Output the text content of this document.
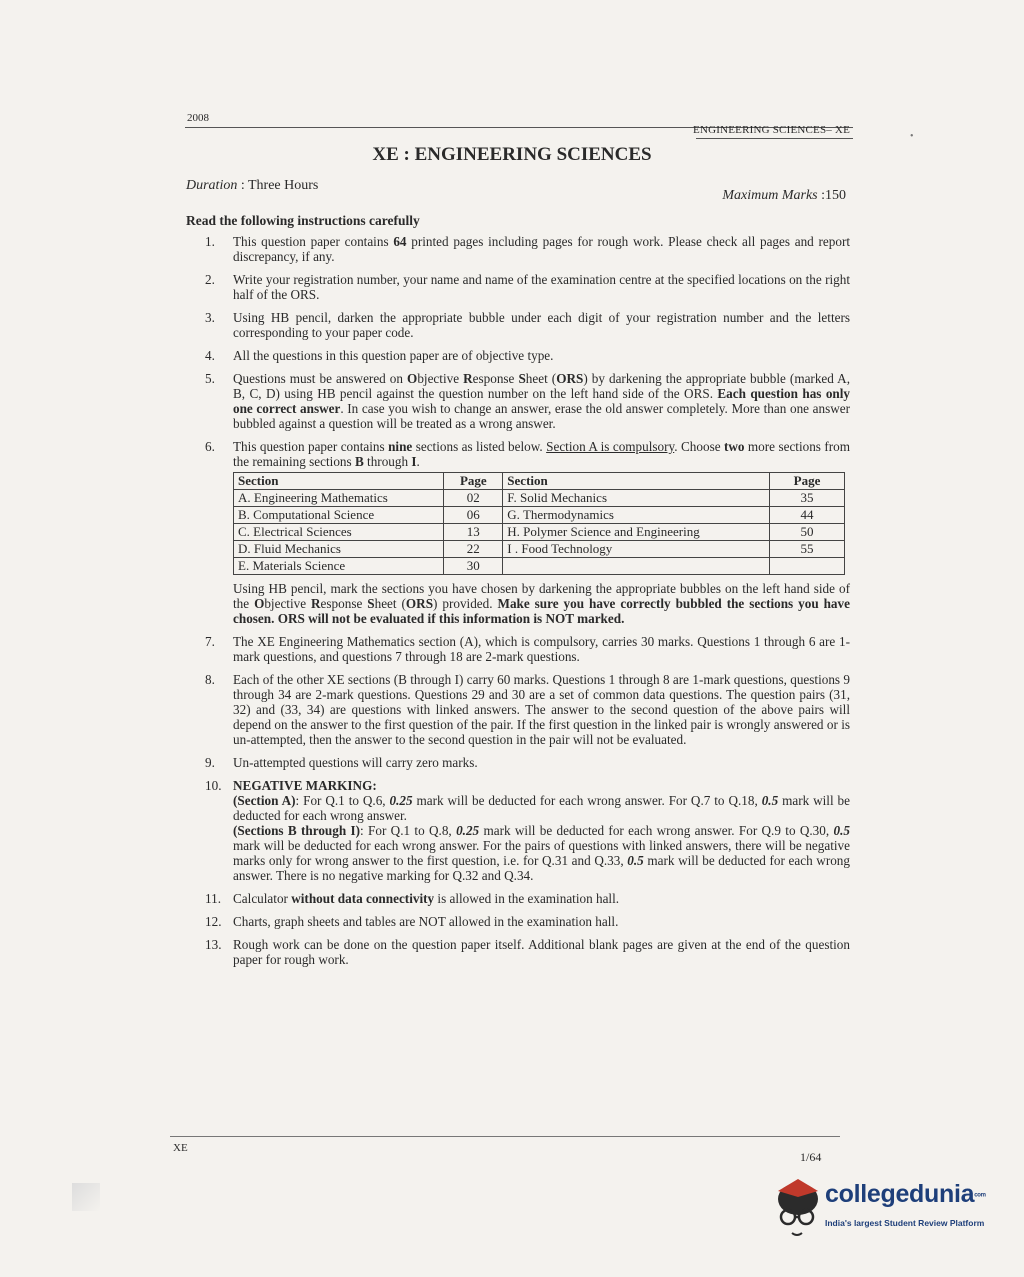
2008
ENGINEERING SCIENCES– XE
•
XE : ENGINEERING SCIENCES
Duration : Three Hours
Maximum Marks :150
Read the following instructions carefully
1.	This question paper contains 64 printed pages including pages for rough work. Please check all pages and report discrepancy, if any.
2.	Write your registration number, your name and name of the examination centre at the specified locations on the right half of the ORS.
3.	Using HB pencil, darken the appropriate bubble under each digit of your registration number and the letters corresponding to your paper code.
4.	All the questions in this question paper are of objective type.
5.	Questions must be answered on Objective Response Sheet (ORS) by darkening the appropriate bubble (marked A, B, C, D) using HB pencil against the question number on the left hand side of the ORS. Each question has only one correct answer. In case you wish to change an answer, erase the old answer completely. More than one answer bubbled against a question will be treated as a wrong answer.
6.	This question paper contains nine sections as listed below. Section A is compulsory. Choose two more sections from the remaining sections B through I.
Section	Page	Section	Page
A. Engineering Mathematics	02	F. Solid Mechanics	35
B. Computational Science	06	G. Thermodynamics	44
C. Electrical Sciences	13	H. Polymer Science and Engineering	50
D. Fluid Mechanics	22	I . Food Technology	55
E. Materials Science	30		
Using HB pencil, mark the sections you have chosen by darkening the appropriate bubbles on the left hand side of the Objective Response Sheet (ORS) provided. Make sure you have correctly bubbled the sections you have chosen. ORS will not be evaluated if this information is NOT marked.
7.	The XE Engineering Mathematics section (A), which is compulsory, carries 30 marks. Questions 1 through 6 are 1-mark questions, and questions 7 through 18 are 2-mark questions.
8.	Each of the other XE sections (B through I) carry 60 marks. Questions 1 through 8 are 1-mark questions, questions 9 through 34 are 2-mark questions. Questions 29 and 30 are a set of common data questions. The question pairs (31, 32) and (33, 34) are questions with linked answers. The answer to the second question of the above pairs will depend on the answer to the first question of the pair. If the first question in the linked pair is wrongly answered or is un-attempted, then the answer to the second question in the pair will not be evaluated.
9.	Un-attempted questions will carry zero marks.
10. NEGATIVE MARKING:
(Section A): For Q.1 to Q.6, 0.25 mark will be deducted for each wrong answer. For Q.7 to Q.18, 0.5 mark will be deducted for each wrong answer.
(Sections B through I): For Q.1 to Q.8, 0.25 mark will be deducted for each wrong answer. For Q.9 to Q.30, 0.5 mark will be deducted for each wrong answer. For the pairs of questions with linked answers, there will be negative marks only for wrong answer to the first question, i.e. for Q.31 and Q.33, 0.5 mark will be deducted for each wrong answer. There is no negative marking for Q.32 and Q.34.
11. Calculator without data connectivity is allowed in the examination hall.
12. Charts, graph sheets and tables are NOT allowed in the examination hall.
13. Rough work can be done on the question paper itself. Additional blank pages are given at the end of the question paper for rough work.
XE
1/64
collegeduniacom
India's largest Student Review Platform
